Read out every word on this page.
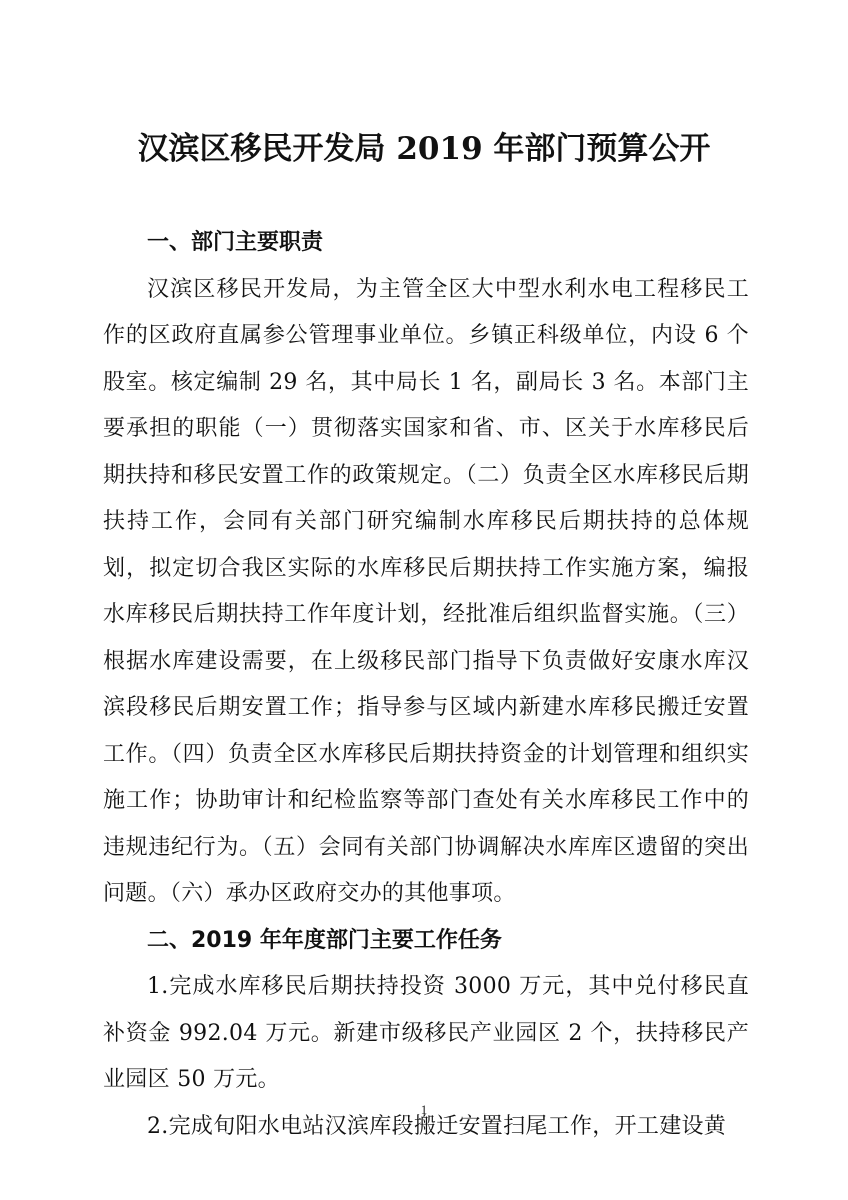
汉滨区移民开发局 2019 年部门预算公开
一、部门主要职责

汉滨区移民开发局，为主管全区大中型水利水电工程移民工作的区政府直属参公管理事业单位。乡镇正科级单位，内设 6 个股室。核定编制 29 名，其中局长 1 名，副局长 3 名。本部门主要承担的职能（一）贯彻落实国家和省、市、区关于水库移民后期扶持和移民安置工作的政策规定。（二）负责全区水库移民后期扶持工作，会同有关部门研究编制水库移民后期扶持的总体规划，拟定切合我区实际的水库移民后期扶持工作实施方案，编报水库移民后期扶持工作年度计划，经批准后组织监督实施。（三）根据水库建设需要，在上级移民部门指导下负责做好安康水库汉滨段移民后期安置工作；指导参与区域内新建水库移民搬迁安置工作。（四）负责全区水库移民后期扶持资金的计划管理和组织实施工作；协助审计和纪检监察等部门查处有关水库移民工作中的违规违纪行为。（五）会同有关部门协调解决水库库区遗留的突出问题。（六）承办区政府交办的其他事项。

二、2019 年年度部门主要工作任务

1.完成水库移民后期扶持投资 3000 万元，其中兑付移民直补资金 992.04 万元。新建市级移民产业园区 2 个，扶持移民产业园区 50 万元。

2.完成旬阳水电站汉滨库段搬迁安置扫尾工作，开工建设黄

1
